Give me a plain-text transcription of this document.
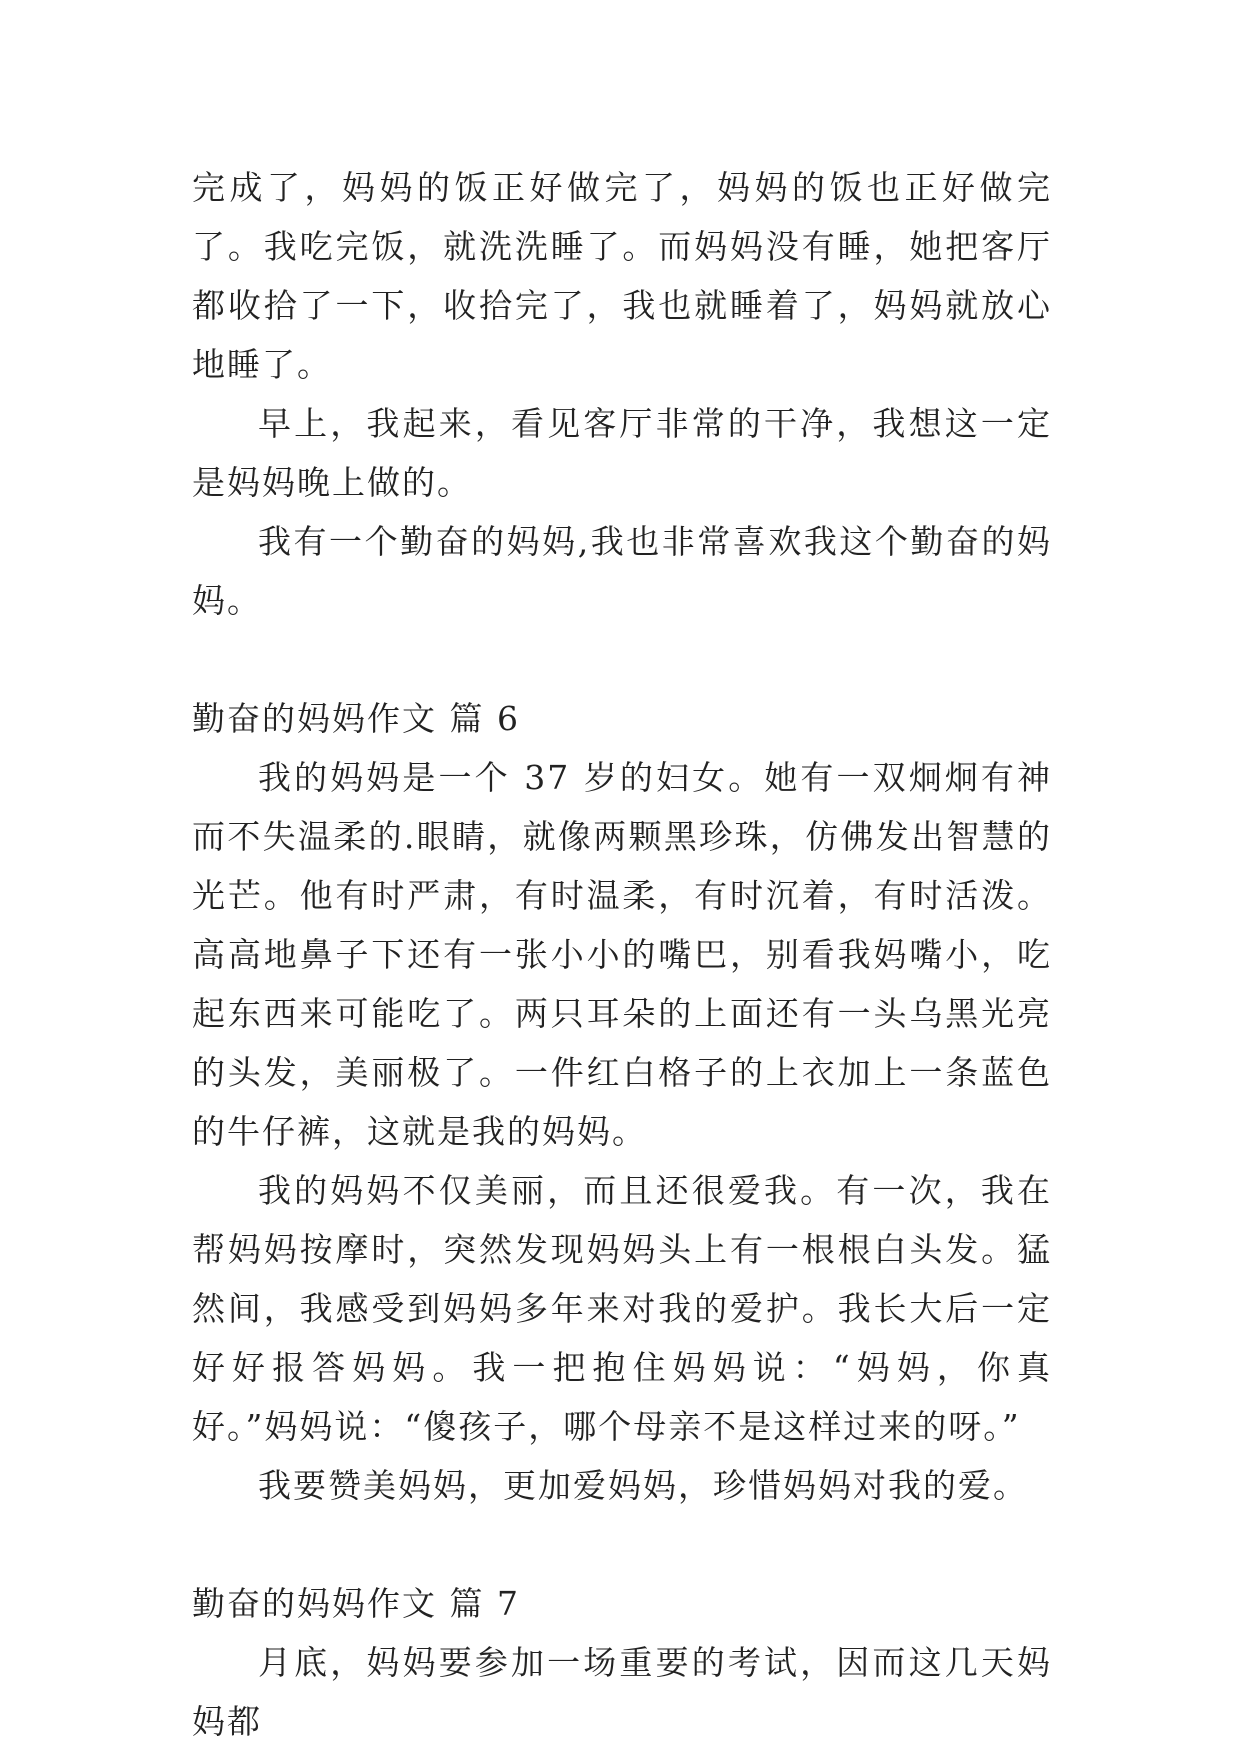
完成了，妈妈的饭正好做完了，妈妈的饭也正好做完了。我吃完饭，就洗洗睡了。而妈妈没有睡，她把客厅都收拾了一下，收拾完了，我也就睡着了，妈妈就放心地睡了。

早上，我起来，看见客厅非常的干净，我想这一定是妈妈晚上做的。

我有一个勤奋的妈妈,我也非常喜欢我这个勤奋的妈妈。

勤奋的妈妈作文 篇 6

我的妈妈是一个 37 岁的妇女。她有一双炯炯有神而不失温柔的.眼睛，就像两颗黑珍珠，仿佛发出智慧的光芒。他有时严肃，有时温柔，有时沉着，有时活泼。高高地鼻子下还有一张小小的嘴巴，别看我妈嘴小，吃起东西来可能吃了。两只耳朵的上面还有一头乌黑光亮的头发，美丽极了。一件红白格子的上衣加上一条蓝色的牛仔裤，这就是我的妈妈。

我的妈妈不仅美丽，而且还很爱我。有一次，我在帮妈妈按摩时，突然发现妈妈头上有一根根白头发。猛然间，我感受到妈妈多年来对我的爱护。我长大后一定好好报答妈妈。我一把抱住妈妈说：“妈妈，你真好。”妈妈说：“傻孩子，哪个母亲不是这样过来的呀。”

我要赞美妈妈，更加爱妈妈，珍惜妈妈对我的爱。

勤奋的妈妈作文 篇 7

月底，妈妈要参加一场重要的考试，因而这几天妈妈都
